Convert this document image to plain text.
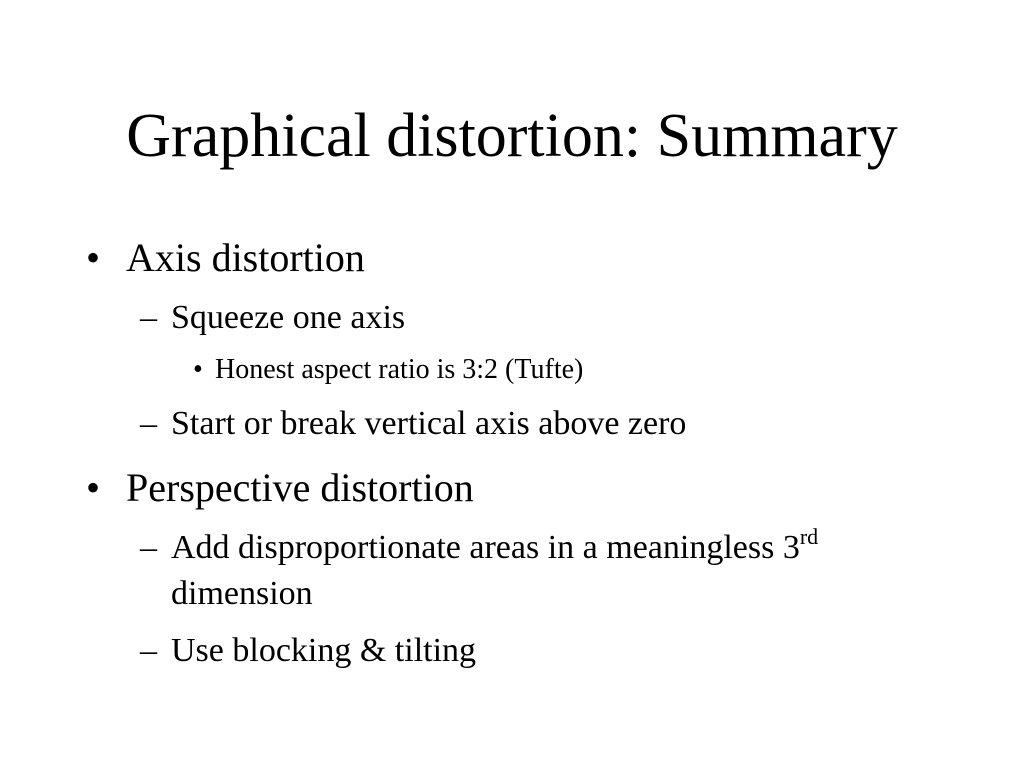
Graphical distortion: Summary
• Axis distortion
– Squeeze one axis
• Honest aspect ratio is 3:2 (Tufte)
– Start or break vertical axis above zero
• Perspective distortion
– Add disproportionate areas in a meaningless 3rd
dimension
– Use blocking & tilting
